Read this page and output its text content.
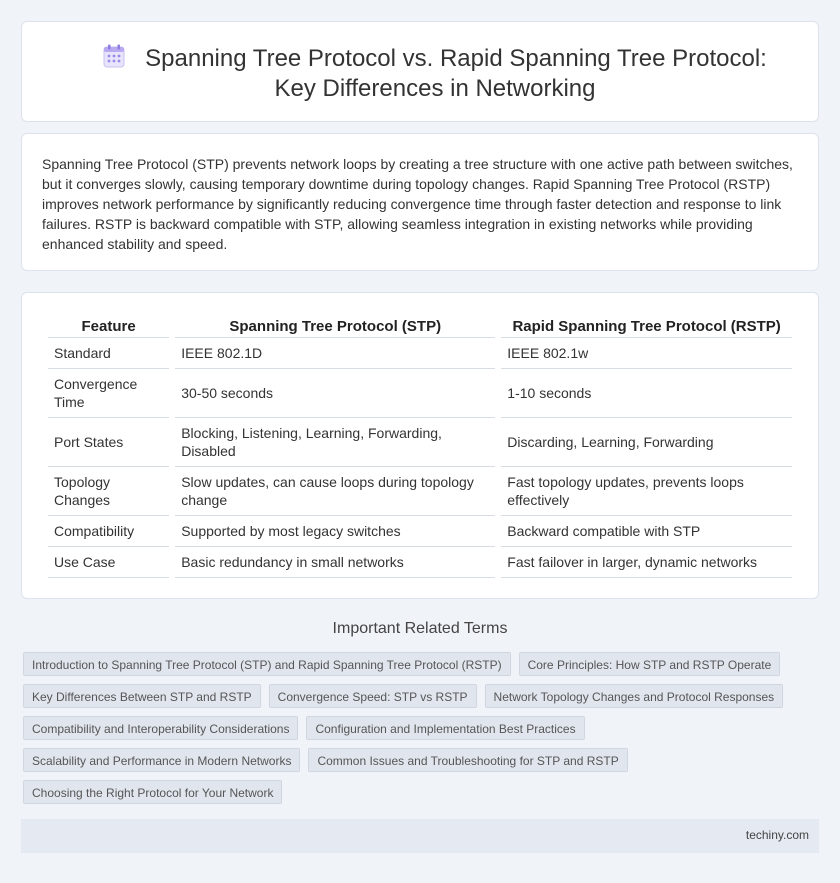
Spanning Tree Protocol vs. Rapid Spanning Tree Protocol: Key Differences in Networking
Spanning Tree Protocol (STP) prevents network loops by creating a tree structure with one active path between switches, but it converges slowly, causing temporary downtime during topology changes. Rapid Spanning Tree Protocol (RSTP) improves network performance by significantly reducing convergence time through faster detection and response to link failures. RSTP is backward compatible with STP, allowing seamless integration in existing networks while providing enhanced stability and speed.
Feature	Spanning Tree Protocol (STP)	Rapid Spanning Tree Protocol (RSTP)

Standard	IEEE 802.1D	IEEE 802.1w

Convergence Time	30-50 seconds	1-10 seconds

Port States	Blocking, Listening, Learning, Forwarding, Disabled	Discarding, Learning, Forwarding

Topology Changes	Slow updates, can cause loops during topology change	Fast topology updates, prevents loops effectively

Compatibility	Supported by most legacy switches	Backward compatible with STP

Use Case	Basic redundancy in small networks	Fast failover in larger, dynamic networks
Important Related Terms
Introduction to Spanning Tree Protocol (STP) and Rapid Spanning Tree Protocol (RSTP)	Core Principles: How STP and RSTP Operate
Key Differences Between STP and RSTP	Convergence Speed: STP vs RSTP	Network Topology Changes and Protocol Responses
Compatibility and Interoperability Considerations	Configuration and Implementation Best Practices
Scalability and Performance in Modern Networks	Common Issues and Troubleshooting for STP and RSTP
Choosing the Right Protocol for Your Network
techiny.com
